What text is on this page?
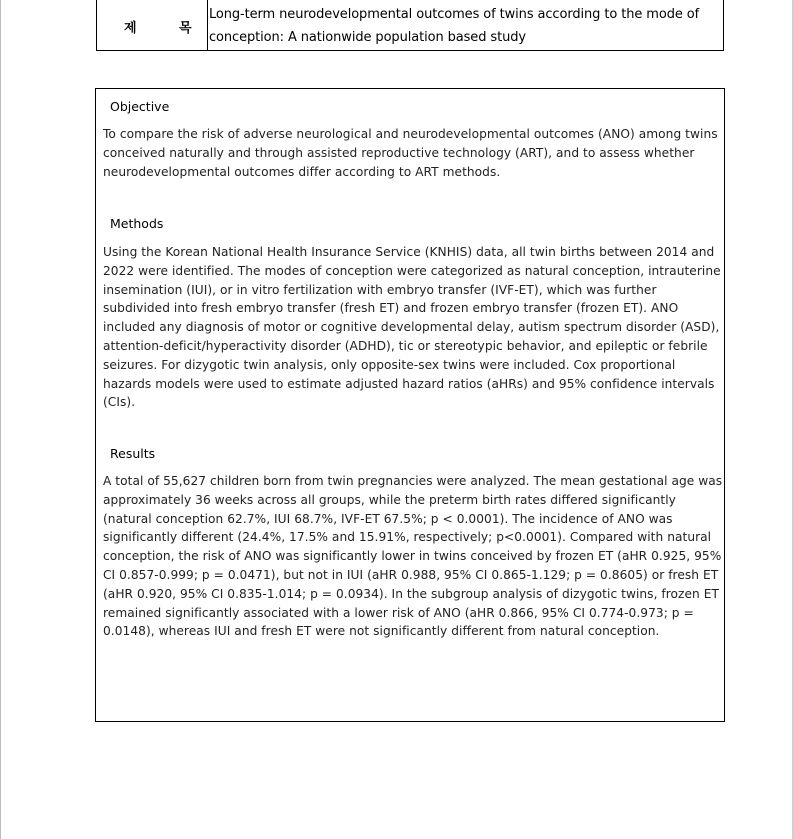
제	목
Long-term neurodevelopmental outcomes of twins according to the mode of conception: A nationwide population based study
Objective
To compare the risk of adverse neurological and neurodevelopmental outcomes (ANO) among twins conceived naturally and through assisted reproductive technology (ART), and to assess whether neurodevelopmental outcomes differ according to ART methods.
Methods
Using the Korean National Health Insurance Service (KNHIS) data, all twin births between 2014 and 2022 were identified. The modes of conception were categorized as natural conception, intrauterine insemination (IUI), or in vitro fertilization with embryo transfer (IVF-ET), which was further subdivided into fresh embryo transfer (fresh ET) and frozen embryo transfer (frozen ET). ANO included any diagnosis of motor or cognitive developmental delay, autism spectrum disorder (ASD), attention-deficit/hyperactivity disorder (ADHD), tic or stereotypic behavior, and epileptic or febrile seizures. For dizygotic twin analysis, only opposite-sex twins were included. Cox proportional hazards models were used to estimate adjusted hazard ratios (aHRs) and 95% confidence intervals (CIs).
Results
A total of 55,627 children born from twin pregnancies were analyzed. The mean gestational age was approximately 36 weeks across all groups, while the preterm birth rates differed significantly (natural conception 62.7%, IUI 68.7%, IVF-ET 67.5%; p < 0.0001). The incidence of ANO was significantly different (24.4%, 17.5% and 15.91%, respectively; p<0.0001). Compared with natural conception, the risk of ANO was significantly lower in twins conceived by frozen ET (aHR 0.925, 95% CI 0.857-0.999; p = 0.0471), but not in IUI (aHR 0.988, 95% CI 0.865-1.129; p = 0.8605) or fresh ET (aHR 0.920, 95% CI 0.835-1.014; p = 0.0934). In the subgroup analysis of dizygotic twins, frozen ET remained significantly associated with a lower risk of ANO (aHR 0.866, 95% CI 0.774-0.973; p = 0.0148), whereas IUI and fresh ET were not significantly different from natural conception.
